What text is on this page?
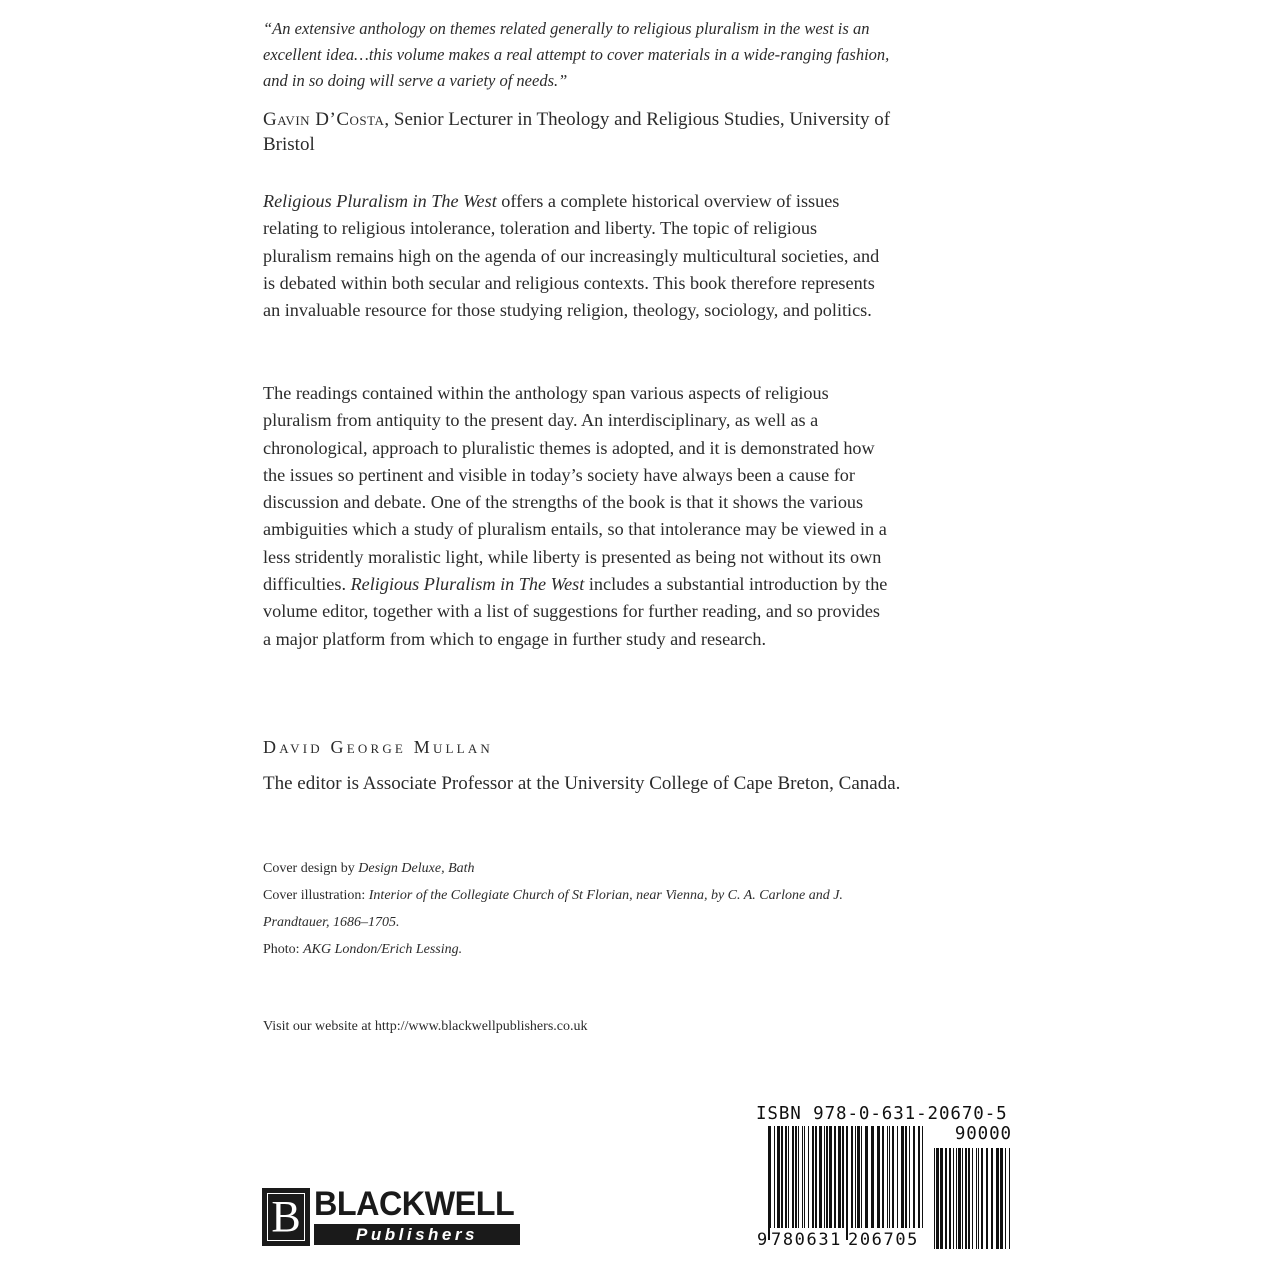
“An extensive anthology on themes related generally to religious pluralism in the west is an excellent idea…this volume makes a real attempt to cover materials in a wide-ranging fashion, and in so doing will serve a variety of needs.”
Gavin D’Costa, Senior Lecturer in Theology and Religious Studies, University of Bristol
Religious Pluralism in The West offers a complete historical overview of issues relating to religious intolerance, toleration and liberty. The topic of religious pluralism remains high on the agenda of our increasingly multicultural societies, and is debated within both secular and religious contexts. This book therefore represents an invaluable resource for those studying religion, theology, sociology, and politics.
The readings contained within the anthology span various aspects of religious pluralism from antiquity to the present day. An interdisciplinary, as well as a chronological, approach to pluralistic themes is adopted, and it is demonstrated how the issues so pertinent and visible in today’s society have always been a cause for discussion and debate. One of the strengths of the book is that it shows the various ambiguities which a study of pluralism entails, so that intolerance may be viewed in a less stridently moralistic light, while liberty is presented as being not without its own difficulties. Religious Pluralism in The West includes a substantial introduction by the volume editor, together with a list of suggestions for further reading, and so provides a major platform from which to engage in further study and research.
David George Mullan
The editor is Associate Professor at the University College of Cape Breton, Canada.
Cover design by Design Deluxe, Bath
Cover illustration: Interior of the Collegiate Church of St Florian, near Vienna, by C. A. Carlone and J. Prandtauer, 1686–1705.
Photo: AKG London/Erich Lessing.
Visit our website at http://www.blackwellpublishers.co.uk
B BLACKWELL
Publishers
ISBN 978-0-631-20670-5
90000
9 780631 206705
